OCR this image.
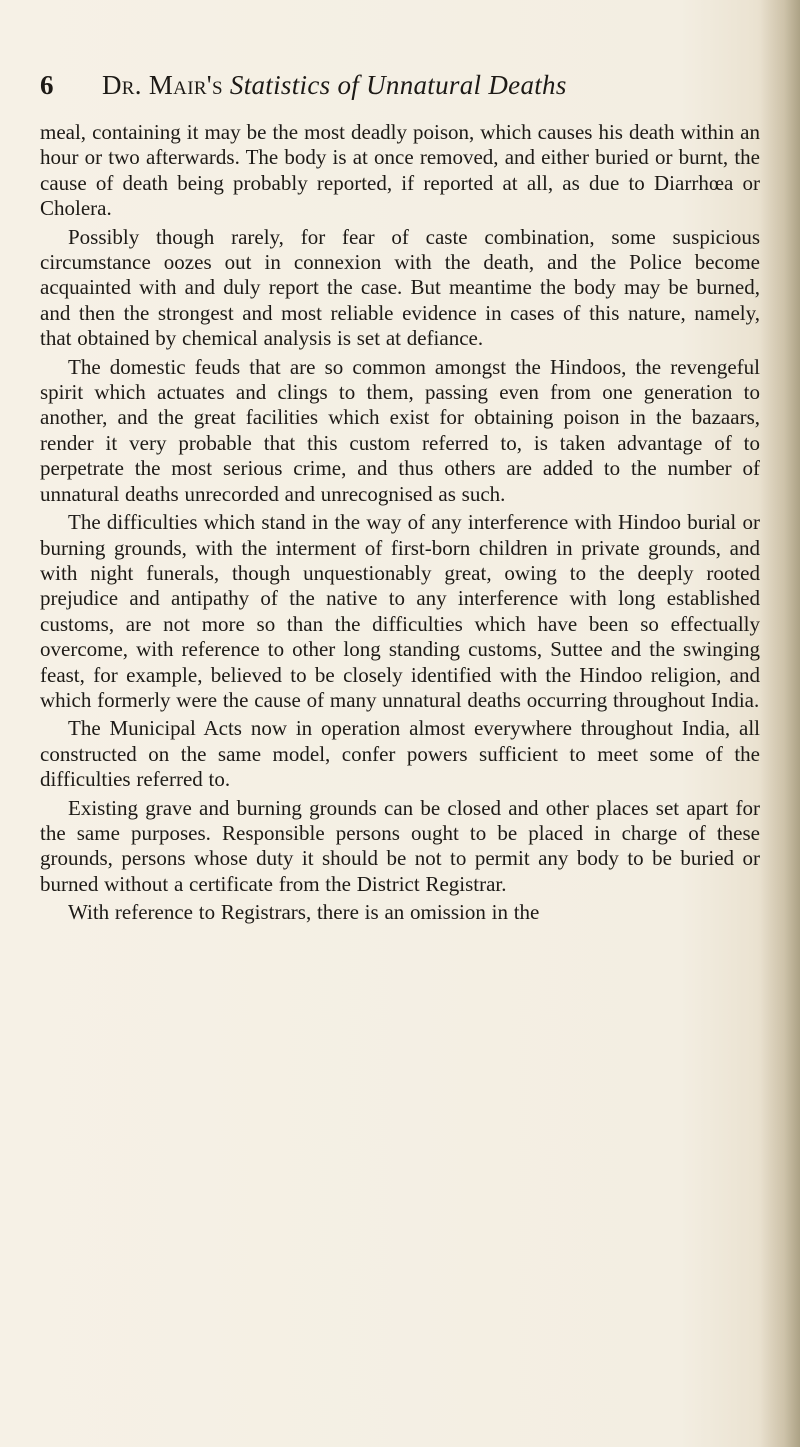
6 Dr. Mair's Statistics of Unnatural Deaths

meal, containing it may be the most deadly poison, which causes his death within an hour or two afterwards. The body is at once removed, and either buried or burnt, the cause of death being probably reported, if reported at all, as due to Diarrhœa or Cholera.

Possibly though rarely, for fear of caste combination, some suspicious circumstance oozes out in connexion with the death, and the Police become acquainted with and duly report the case. But meantime the body may be burned, and then the strongest and most reliable evidence in cases of this nature, namely, that obtained by chemical analysis is set at defiance.

The domestic feuds that are so common amongst the Hindoos, the revengeful spirit which actuates and clings to them, passing even from one generation to another, and the great facilities which exist for obtaining poison in the bazaars, render it very probable that this custom referred to, is taken advantage of to perpetrate the most serious crime, and thus others are added to the number of unnatural deaths unrecorded and unrecognised as such.

The difficulties which stand in the way of any interference with Hindoo burial or burning grounds, with the interment of first-born children in private grounds, and with night funerals, though unquestionably great, owing to the deeply rooted prejudice and antipathy of the native to any interference with long established customs, are not more so than the difficulties which have been so effectually overcome, with reference to other long standing customs, Suttee and the swinging feast, for example, believed to be closely identified with the Hindoo religion, and which formerly were the cause of many unnatural deaths occurring throughout India.

The Municipal Acts now in operation almost everywhere throughout India, all constructed on the same model, confer powers sufficient to meet some of the difficulties referred to.

Existing grave and burning grounds can be closed and other places set apart for the same purposes. Responsible persons ought to be placed in charge of these grounds, persons whose duty it should be not to permit any body to be buried or burned without a certificate from the District Registrar.

With reference to Registrars, there is an omission in the
